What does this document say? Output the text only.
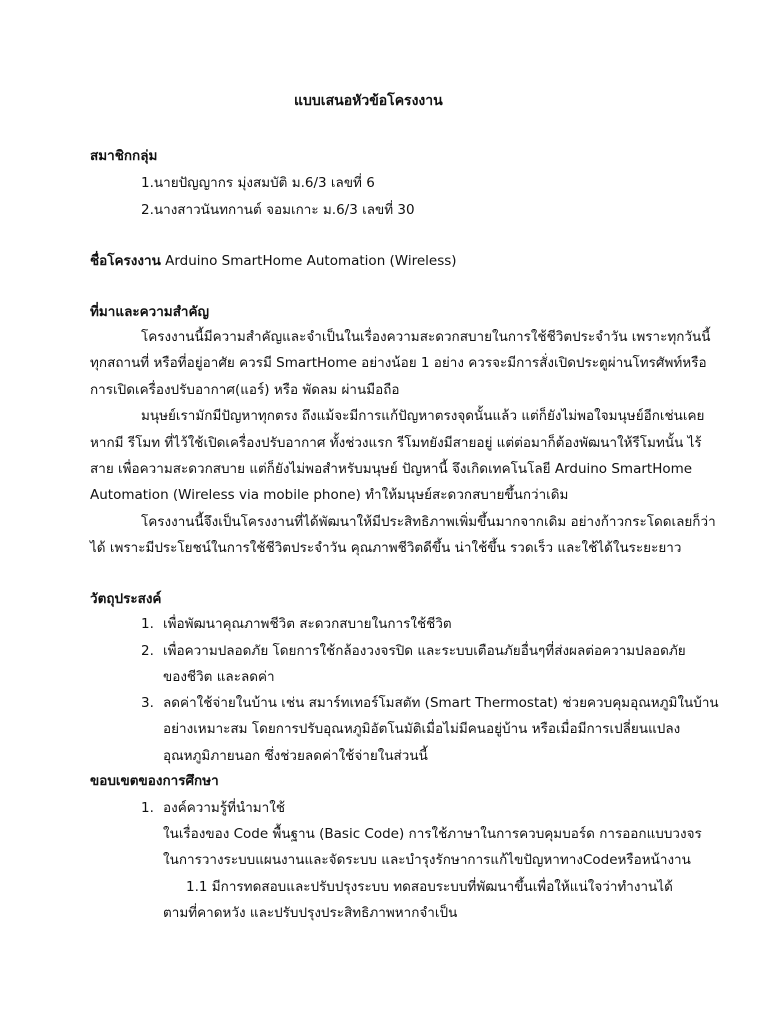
แบบเสนอหัวข้อโครงงาน
สมาชิกกลุ่ม
1.นายปัญญากร มุ่งสมบัติ ม.6/3 เลขที่ 6
2.นางสาวนันทกานต์ จอมเกาะ ม.6/3 เลขที่ 30
ชื่อโครงงาน Arduino SmartHome Automation (Wireless)
ที่มาและความสำคัญ
โครงงานนี้มีความสำคัญและจำเป็นในเรื่องความสะดวกสบายในการใช้ชีวิตประจำวัน เพราะทุกวันนี้
ทุกสถานที่ หรือที่อยู่อาศัย ควรมี SmartHome อย่างน้อย 1 อย่าง ควรจะมีการสั่งเปิดประตูผ่านโทรศัพท์หรือ
การเปิดเครื่องปรับอากาศ(แอร์) หรือ พัดลม ผ่านมือถือ
มนุษย์เรามักมีปัญหาทุกตรง ถึงแม้จะมีการแก้ปัญหาตรงจุดนั้นแล้ว แต่ก็ยังไม่พอใจมนุษย์อีกเช่นเคย
หากมี รีโมท ที่ไว้ใช้เปิดเครื่องปรับอากาศ ทั้งช่วงแรก รีโมทยังมีสายอยู่ แต่ต่อมาก็ต้องพัฒนาให้รีโมทนั้น ไร้
สาย เพื่อความสะดวกสบาย แต่ก็ยังไม่พอสำหรับมนุษย์ ปัญหานี้ จึงเกิดเทคโนโลยี Arduino SmartHome
Automation (Wireless via mobile phone) ทำให้มนุษย์สะดวกสบายขึ้นกว่าเดิม
โครงงานนี้จึงเป็นโครงงานที่ได้พัฒนาให้มีประสิทธิภาพเพิ่มขึ้นมากจากเดิม อย่างก้าวกระโดดเลยก็ว่า
ได้ เพราะมีประโยชน์ในการใช้ชีวิตประจำวัน คุณภาพชีวิตดีขึ้น น่าใช้ขึ้น รวดเร็ว และใช้ได้ในระยะยาว
วัตถุประสงค์
1. เพื่อพัฒนาคุณภาพชีวิต สะดวกสบายในการใช้ชีวิต
2. เพื่อความปลอดภัย โดยการใช้กล้องวงจรปิด และระบบเตือนภัยอื่นๆที่ส่งผลต่อความปลอดภัย
ของชีวิต และลดค่า
3. ลดค่าใช้จ่ายในบ้าน เช่น สมาร์ทเทอร์โมสตัท (Smart Thermostat) ช่วยควบคุมอุณหภูมิในบ้าน
อย่างเหมาะสม โดยการปรับอุณหภูมิอัตโนมัติเมื่อไม่มีคนอยู่บ้าน หรือเมื่อมีการเปลี่ยนแปลง
อุณหภูมิภายนอก ซึ่งช่วยลดค่าใช้จ่ายในส่วนนี้
ขอบเขตของการศึกษา
1. องค์ความรู้ที่นำมาใช้
ในเรื่องของ Code พื้นฐาน (Basic Code) การใช้ภาษาในการควบคุมบอร์ด การออกแบบวงจร
ในการวางระบบแผนงานและจัดระบบ และบำรุงรักษาการแก้ไขปัญหาทางCodeหรือหน้างาน
1.1 มีการทดสอบและปรับปรุงระบบ ทดสอบระบบที่พัฒนาขึ้นเพื่อให้แน่ใจว่าทำงานได้
ตามที่คาดหวัง และปรับปรุงประสิทธิภาพหากจำเป็น
